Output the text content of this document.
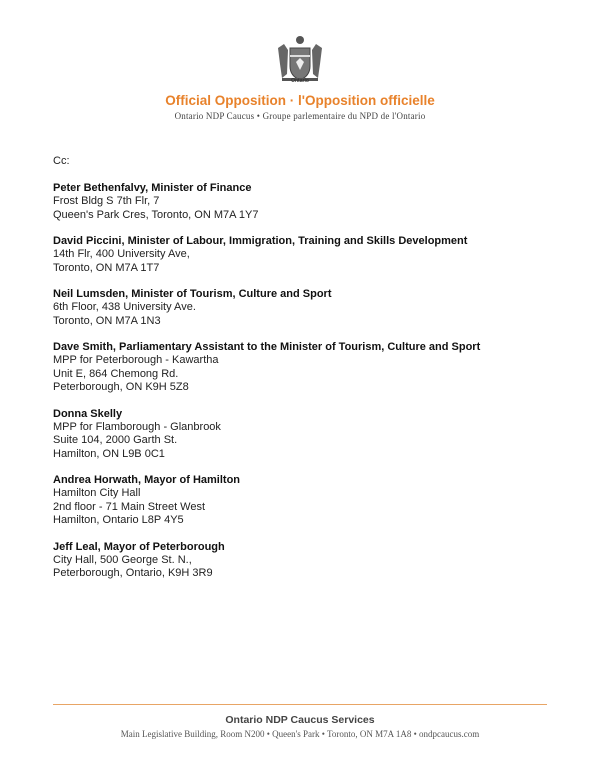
Ontario
Official Opposition · l'Opposition officielle
Ontario NDP Caucus • Groupe parlementaire du NPD de l'Ontario
Cc:
Peter Bethenfalvy, Minister of Finance
Frost Bldg S 7th Flr, 7
Queen's Park Cres, Toronto, ON M7A 1Y7
David Piccini, Minister of Labour, Immigration, Training and Skills Development
14th Flr, 400 University Ave,
Toronto, ON M7A 1T7
Neil Lumsden, Minister of Tourism, Culture and Sport
6th Floor, 438 University Ave.
Toronto, ON M7A 1N3
Dave Smith, Parliamentary Assistant to the Minister of Tourism, Culture and Sport
MPP for Peterborough - Kawartha
Unit E, 864 Chemong Rd.
Peterborough, ON K9H 5Z8
Donna Skelly
MPP for Flamborough - Glanbrook
Suite 104, 2000 Garth St.
Hamilton, ON L9B 0C1
Andrea Horwath, Mayor of Hamilton
Hamilton City Hall
2nd floor - 71 Main Street West
Hamilton, Ontario L8P 4Y5
Jeff Leal, Mayor of Peterborough
City Hall, 500 George St. N.,
Peterborough, Ontario, K9H 3R9
Ontario NDP Caucus Services
Main Legislative Building, Room N200 • Queen's Park • Toronto, ON M7A 1A8 • ondpcaucus.com
